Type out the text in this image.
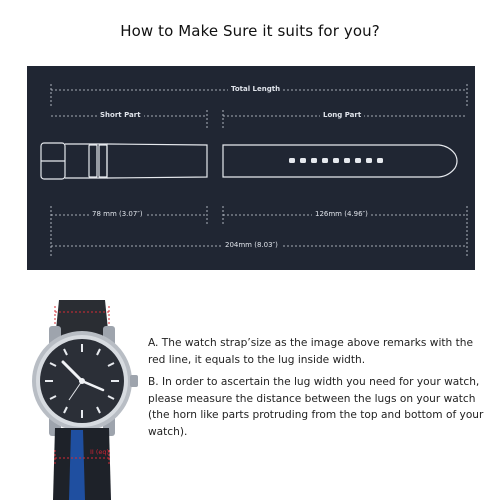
How to Make Sure it suits for you?
Total Length
Short Part	Long Part
78 mm (3.07″)	126mm (4.96″)
204mm (8.03″)
II (eq)

A. The watch strap’size as the image above remarks with the red line, it equals to the lug inside width.

B. In order to ascertain the lug width you need for your watch, please measure the distance between the lugs on your watch (the horn like parts protruding from the top and bottom of your watch).
